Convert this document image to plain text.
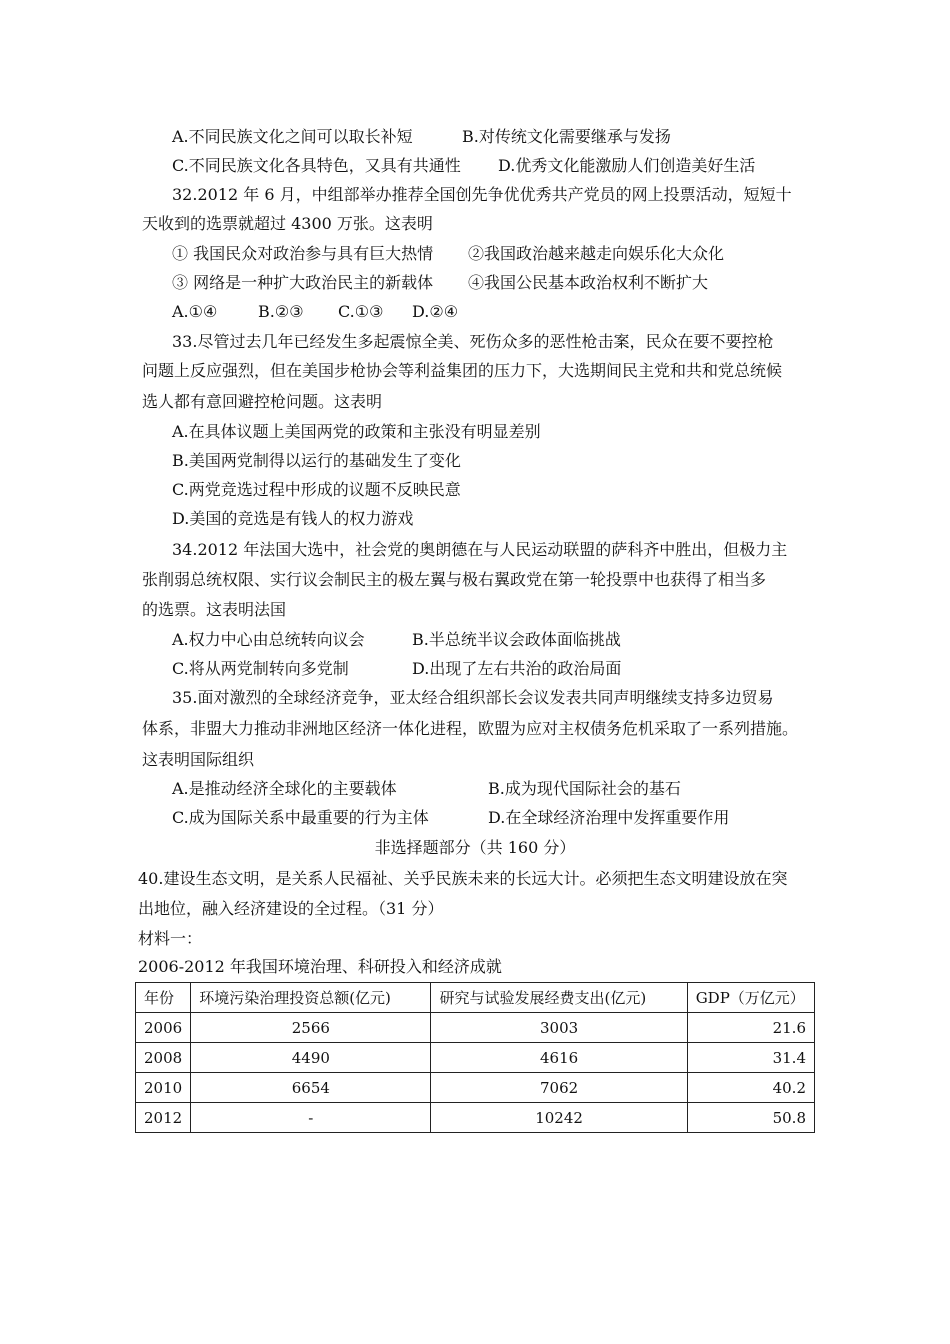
A.不同民族文化之间可以取长补短	B.对传统文化需要继承与发扬
C.不同民族文化各具特色，又具有共通性 D.优秀文化能激励人们创造美好生活
32.2012 年 6 月，中组部举办推荐全国创先争优优秀共产党员的网上投票活动，短短十
天收到的选票就超过 4300 万张。这表明
① 我国民众对政治参与具有巨大热情 ②我国政治越来越走向娱乐化大众化
③ 网络是一种扩大政治民主的新载体 ④我国公民基本政治权利不断扩大
A.①④	B.②③ C.①③ D.②④
33.尽管过去几年已经发生多起震惊全美、死伤众多的恶性枪击案，民众在要不要控枪
问题上反应强烈，但在美国步枪协会等利益集团的压力下，大选期间民主党和共和党总统候
选人都有意回避控枪问题。这表明
A.在具体议题上美国两党的政策和主张没有明显差别
B.美国两党制得以运行的基础发生了变化
C.两党竞选过程中形成的议题不反映民意
D.美国的竞选是有钱人的权力游戏
34.2012 年法国大选中，社会党的奥朗德在与人民运动联盟的萨科齐中胜出，但极力主
张削弱总统权限、实行议会制民主的极左翼与极右翼政党在第一轮投票中也获得了相当多
的选票。这表明法国
A.权力中心由总统转向议会	B.半总统半议会政体面临挑战
C.将从两党制转向多党制	D.出现了左右共治的政治局面
35.面对激烈的全球经济竞争，亚太经合组织部长会议发表共同声明继续支持多边贸易
体系，非盟大力推动非洲地区经济一体化进程，欧盟为应对主权债务危机采取了一系列措施。
这表明国际组织
A.是推动经济全球化的主要载体	B.成为现代国际社会的基石
C.成为国际关系中最重要的行为主体	D.在全球经济治理中发挥重要作用
非选择题部分（共 160 分）
40.建设生态文明，是关系人民福祉、关乎民族未来的长远大计。必须把生态文明建设放在突
出地位，融入经济建设的全过程。（31 分）
材料一：
2006-2012 年我国环境治理、科研投入和经济成就
年份	环境污染治理投资总额(亿元)	研究与试验发展经费支出(亿元)	GDP（万亿元）
2006	2566	3003	21.6
2008	4490	4616	31.4
2010	6654	7062	40.2
2012	-	10242	50.8
